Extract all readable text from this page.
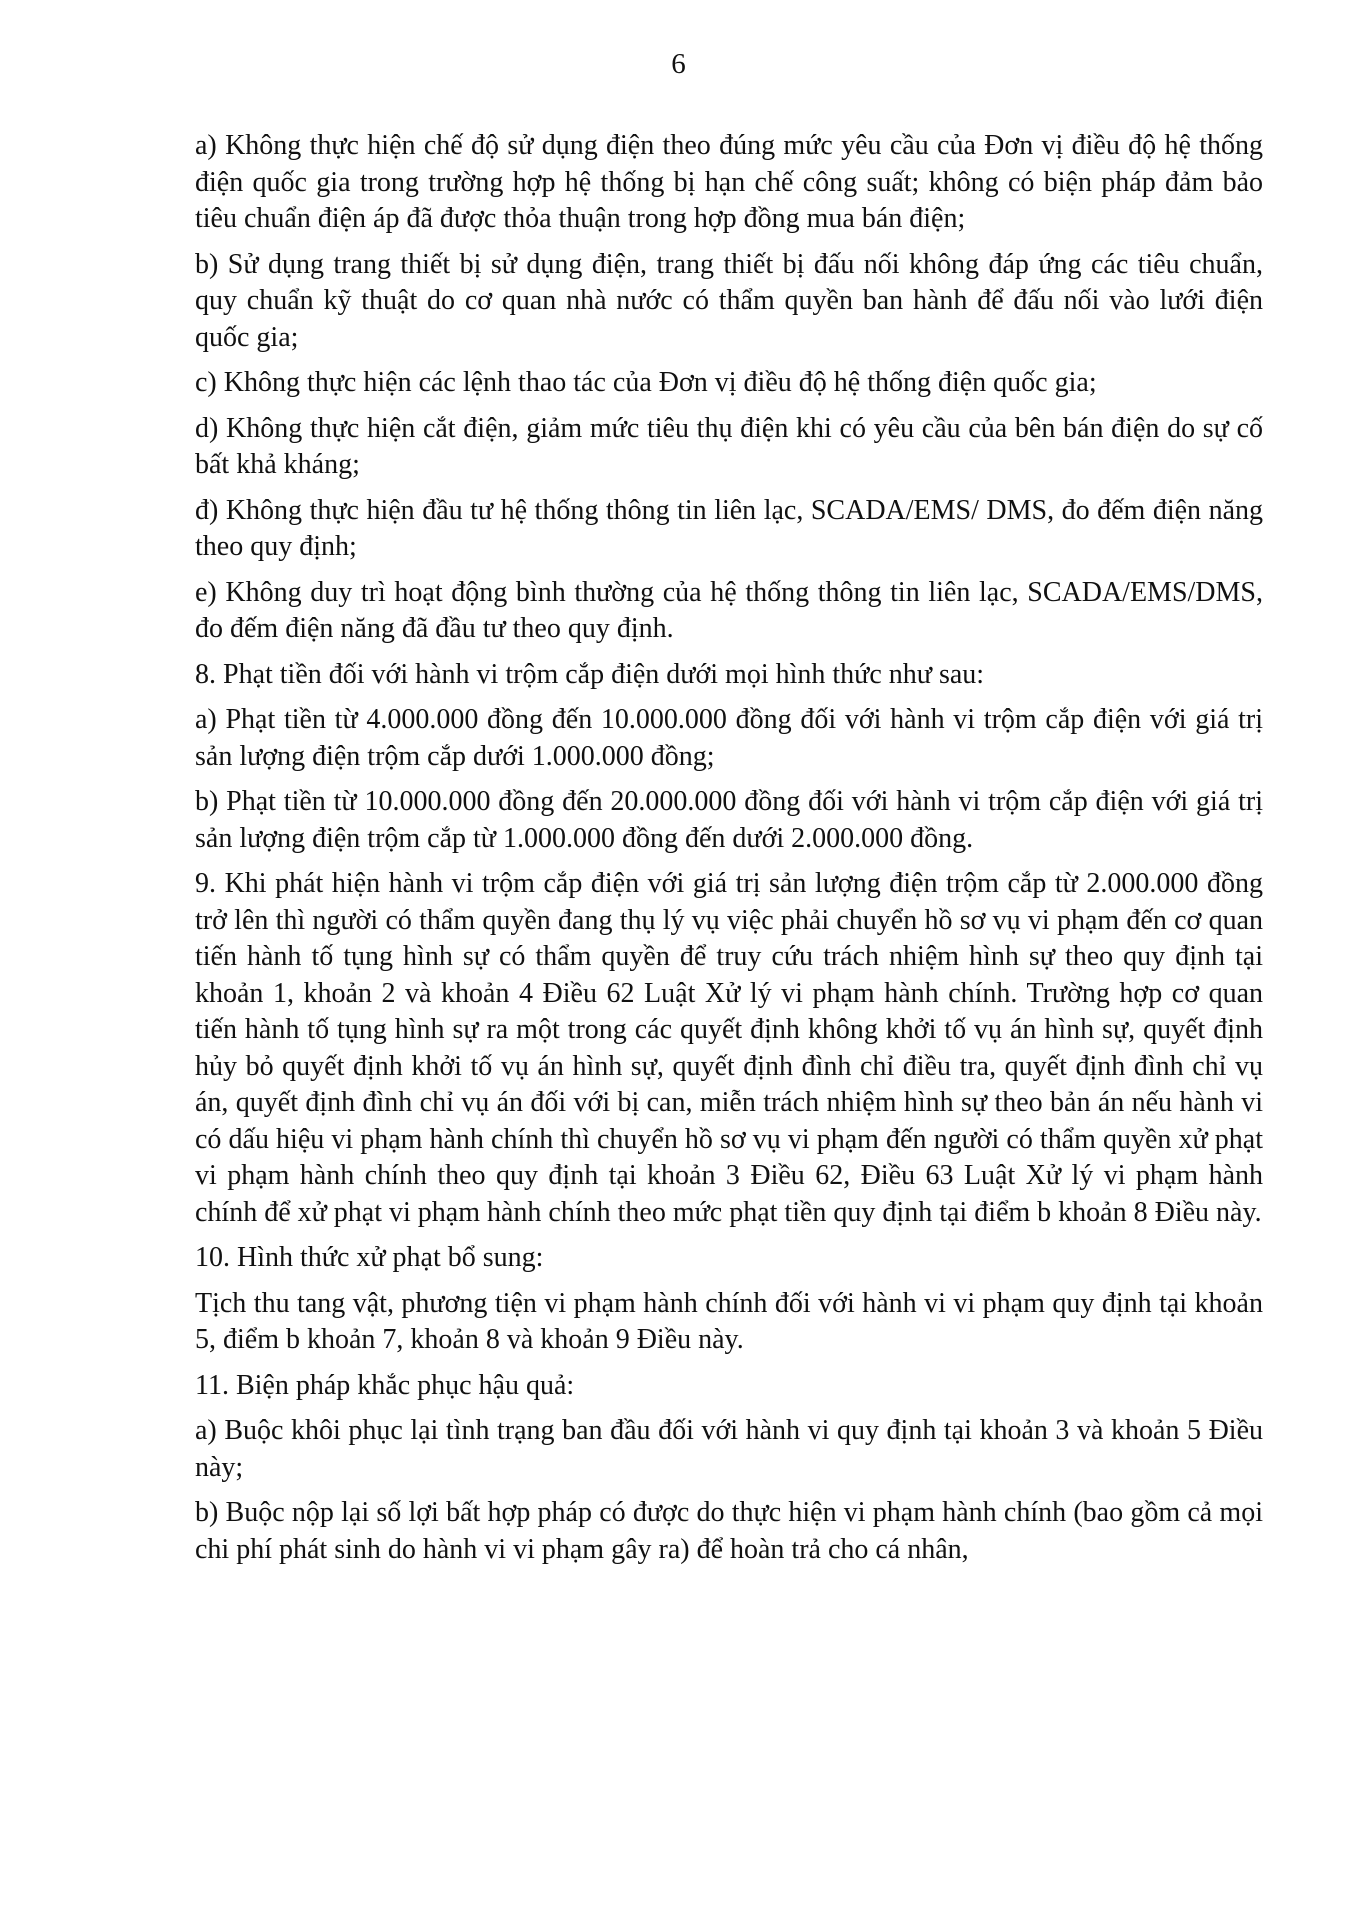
6

a) Không thực hiện chế độ sử dụng điện theo đúng mức yêu cầu của Đơn vị điều độ hệ thống điện quốc gia trong trường hợp hệ thống bị hạn chế công suất; không có biện pháp đảm bảo tiêu chuẩn điện áp đã được thỏa thuận trong hợp đồng mua bán điện;

b) Sử dụng trang thiết bị sử dụng điện, trang thiết bị đấu nối không đáp ứng các tiêu chuẩn, quy chuẩn kỹ thuật do cơ quan nhà nước có thẩm quyền ban hành để đấu nối vào lưới điện quốc gia;

c) Không thực hiện các lệnh thao tác của Đơn vị điều độ hệ thống điện quốc gia;

d) Không thực hiện cắt điện, giảm mức tiêu thụ điện khi có yêu cầu của bên bán điện do sự cố bất khả kháng;

đ) Không thực hiện đầu tư hệ thống thông tin liên lạc, SCADA/EMS/ DMS, đo đếm điện năng theo quy định;

e) Không duy trì hoạt động bình thường của hệ thống thông tin liên lạc, SCADA/EMS/DMS, đo đếm điện năng đã đầu tư theo quy định.

8. Phạt tiền đối với hành vi trộm cắp điện dưới mọi hình thức như sau:

a) Phạt tiền từ 4.000.000 đồng đến 10.000.000 đồng đối với hành vi trộm cắp điện với giá trị sản lượng điện trộm cắp dưới 1.000.000 đồng;

b) Phạt tiền từ 10.000.000 đồng đến 20.000.000 đồng đối với hành vi trộm cắp điện với giá trị sản lượng điện trộm cắp từ 1.000.000 đồng đến dưới 2.000.000 đồng.

9. Khi phát hiện hành vi trộm cắp điện với giá trị sản lượng điện trộm cắp từ 2.000.000 đồng trở lên thì người có thẩm quyền đang thụ lý vụ việc phải chuyển hồ sơ vụ vi phạm đến cơ quan tiến hành tố tụng hình sự có thẩm quyền để truy cứu trách nhiệm hình sự theo quy định tại khoản 1, khoản 2 và khoản 4 Điều 62 Luật Xử lý vi phạm hành chính. Trường hợp cơ quan tiến hành tố tụng hình sự ra một trong các quyết định không khởi tố vụ án hình sự, quyết định hủy bỏ quyết định khởi tố vụ án hình sự, quyết định đình chỉ điều tra, quyết định đình chỉ vụ án, quyết định đình chỉ vụ án đối với bị can, miễn trách nhiệm hình sự theo bản án nếu hành vi có dấu hiệu vi phạm hành chính thì chuyển hồ sơ vụ vi phạm đến người có thẩm quyền xử phạt vi phạm hành chính theo quy định tại khoản 3 Điều 62, Điều 63 Luật Xử lý vi phạm hành chính để xử phạt vi phạm hành chính theo mức phạt tiền quy định tại điểm b khoản 8 Điều này.

10. Hình thức xử phạt bổ sung:

Tịch thu tang vật, phương tiện vi phạm hành chính đối với hành vi vi phạm quy định tại khoản 5, điểm b khoản 7, khoản 8 và khoản 9 Điều này.

11. Biện pháp khắc phục hậu quả:

a) Buộc khôi phục lại tình trạng ban đầu đối với hành vi quy định tại khoản 3 và khoản 5 Điều này;

b) Buộc nộp lại số lợi bất hợp pháp có được do thực hiện vi phạm hành chính (bao gồm cả mọi chi phí phát sinh do hành vi vi phạm gây ra) để hoàn trả cho cá nhân,
